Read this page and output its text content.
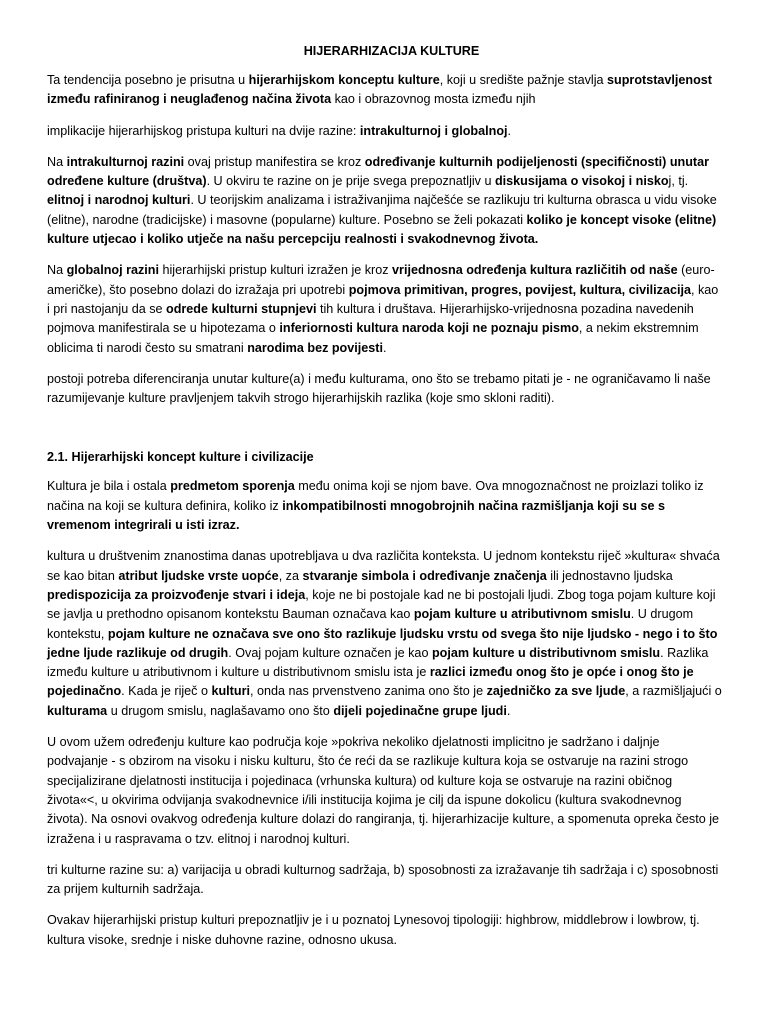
HIJERARHIZACIJA KULTURE

Ta tendencija posebno je prisutna u hijerarhijskom konceptu kulture, koji u središte pažnje stavlja suprotstavljenost između rafiniranog i neuglađenog načina života kao i obrazovnog mosta između njih

implikacije hijerarhijskog pristupa kulturi na dvije razine: intrakulturnoj i globalnoj.

Na intrakulturnoj razini ovaj pristup manifestira se kroz određivanje kulturnih podijeljenosti (specifičnosti) unutar određene kulture (društva). U okviru te razine on je prije svega prepoznatljiv u diskusijama o visokoj i niskoj, tj. elitnoj i narodnoj kulturi. U teorijskim analizama i istraživanjima najčešće se razlikuju tri kulturna obrasca u vidu visoke (elitne), narodne (tradicijske) i masovne (popularne) kulture. Posebno se želi pokazati koliko je koncept visoke (elitne) kulture utjecao i koliko utječe na našu percepciju realnosti i svakodnevnog života.

Na globalnoj razini hijerarhijski pristup kulturi izražen je kroz vrijednosna određenja kultura različitih od naše (euro-američke), što posebno dolazi do izražaja pri upotrebi pojmova primitivan, progres, povijest, kultura, civilizacija, kao i pri nastojanju da se odrede kulturni stupnjevi tih kultura i društava. Hijerarhijsko-vrijednosna pozadina navedenih pojmova manifestirala se u hipotezama o inferiornosti kultura naroda koji ne poznaju pismo, a nekim ekstremnim oblicima ti narodi često su smatrani narodima bez povijesti.

postoji potreba diferenciranja unutar kulture(a) i među kulturama, ono što se trebamo pitati je - ne ograničavamo li naše razumijevanje kulture pravljenjem takvih strogo hijerarhijskih razlika (koje smo skloni raditi).

2.1. Hijerarhijski koncept kulture i civilizacije

Kultura je bila i ostala predmetom sporenja među onima koji se njom bave. Ova mnogoznačnost ne proizlazi toliko iz načina na koji se kultura definira, koliko iz inkompatibilnosti mnogobrojnih načina razmišljanja koji su se s vremenom integrirali u isti izraz.

kultura u društvenim znanostima danas upotrebljava u dva različita konteksta. U jednom kontekstu riječ »kultura« shvaća se kao bitan atribut ljudske vrste uopće, za stvaranje simbola i određivanje značenja ili jednostavno ljudska predispozicija za proizvođenje stvari i ideja, koje ne bi postojale kad ne bi postojali ljudi. Zbog toga pojam kulture koji se javlja u prethodno opisanom kontekstu Bauman označava kao pojam kulture u atributivnom smislu. U drugom kontekstu, pojam kulture ne označava sve ono što razlikuje ljudsku vrstu od svega što nije ljudsko - nego i to što jedne ljude razlikuje od drugih. Ovaj pojam kulture označen je kao pojam kulture u distributivnom smislu. Razlika između kulture u atributivnom i kulture u distributivnom smislu ista je razlici između onog što je opće i onog što je pojedinačno. Kada je riječ o kulturi, onda nas prvenstveno zanima ono što je zajedničko za sve ljude, a razmišljajući o kulturama u drugom smislu, naglašavamo ono što dijeli pojedinačne grupe ljudi.

U ovom užem određenju kulture kao područja koje »pokriva nekoliko djelatnosti implicitno je sadržano i daljnje podvajanje - s obzirom na visoku i nisku kulturu, što će reći da se razlikuje kultura koja se ostvaruje na razini strogo specijalizirane djelatnosti institucija i pojedinaca (vrhunska kultura) od kulture koja se ostvaruje na razini običnog života«<, u okvirima odvijanja svakodnevnice i/ili institucija kojima je cilj da ispune dokolicu (kultura svakodnevnog života). Na osnovi ovakvog određenja kulture dolazi do rangiranja, tj. hijerarhizacije kulture, a spomenuta opreka često je izražena i u raspravama o tzv. elitnoj i narodnoj kulturi.

tri kulturne razine su: a) varijacija u obradi kulturnog sadržaja, b) sposobnosti za izražavanje tih sadržaja i c) sposobnosti za prijem kulturnih sadržaja.

Ovakav hijerarhijski pristup kulturi prepoznatljiv je i u poznatoj Lynesovoj tipologiji: highbrow, middlebrow i lowbrow, tj. kultura visoke, srednje i niske duhovne razine, odnosno ukusa.
